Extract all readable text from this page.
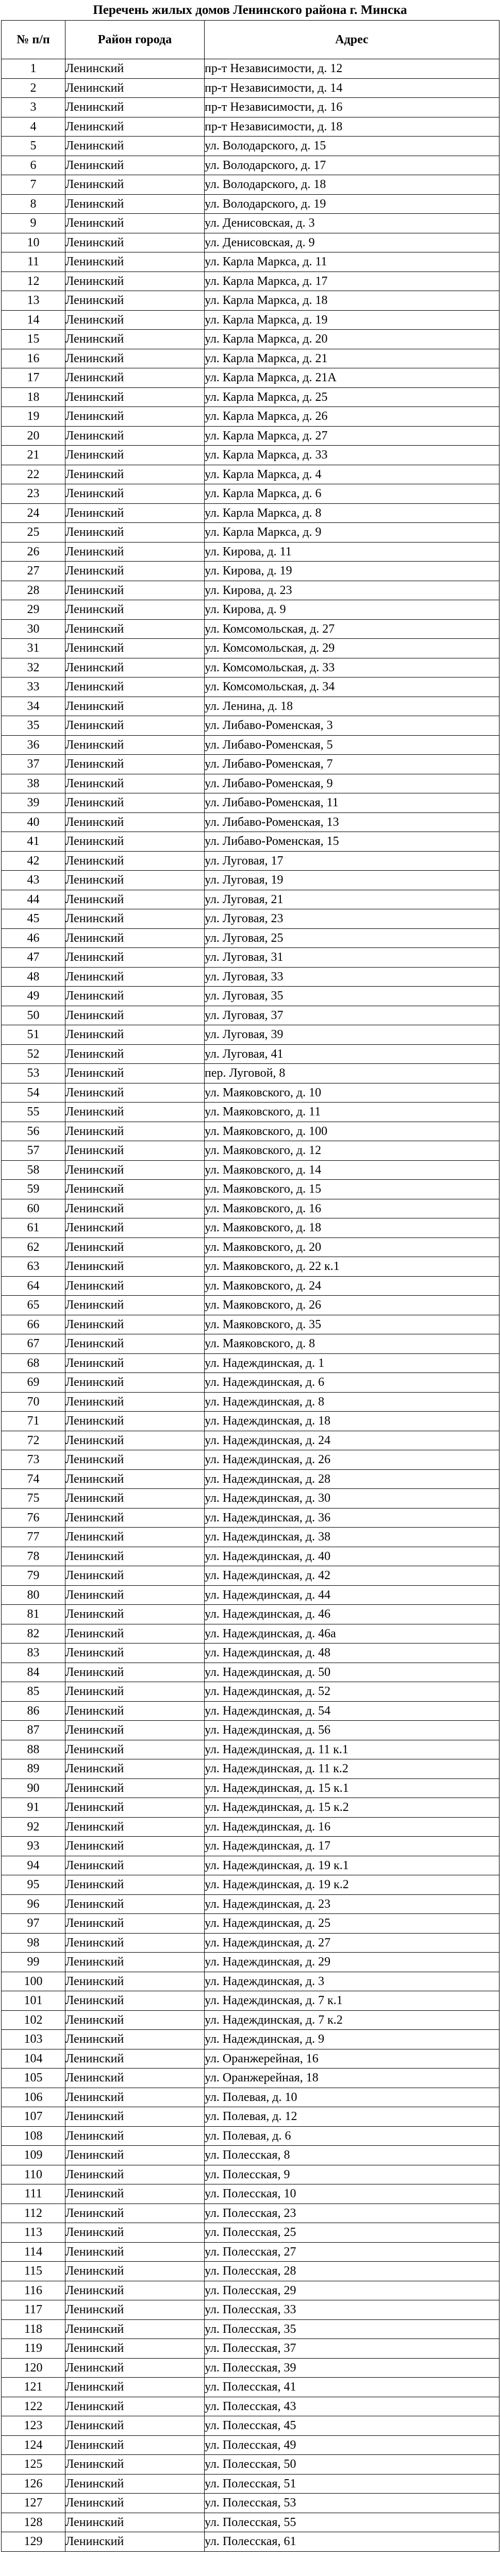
Перечень жилых домов Ленинского района г. Минска
№ п/п	Район города	Адрес
1	Ленинский	пр-т Независимости, д. 12
2	Ленинский	пр-т Независимости, д. 14
3	Ленинский	пр-т Независимости, д. 16
4	Ленинский	пр-т Независимости, д. 18
5	Ленинский	ул. Володарского, д. 15
6	Ленинский	ул. Володарского, д. 17
7	Ленинский	ул. Володарского, д. 18
8	Ленинский	ул. Володарского, д. 19
9	Ленинский	ул. Денисовская, д. 3
10	Ленинский	ул. Денисовская, д. 9
11	Ленинский	ул. Карла Маркса, д. 11
12	Ленинский	ул. Карла Маркса, д. 17
13	Ленинский	ул. Карла Маркса, д. 18
14	Ленинский	ул. Карла Маркса, д. 19
15	Ленинский	ул. Карла Маркса, д. 20
16	Ленинский	ул. Карла Маркса, д. 21
17	Ленинский	ул. Карла Маркса, д. 21А
18	Ленинский	ул. Карла Маркса, д. 25
19	Ленинский	ул. Карла Маркса, д. 26
20	Ленинский	ул. Карла Маркса, д. 27
21	Ленинский	ул. Карла Маркса, д. 33
22	Ленинский	ул. Карла Маркса, д. 4
23	Ленинский	ул. Карла Маркса, д. 6
24	Ленинский	ул. Карла Маркса, д. 8
25	Ленинский	ул. Карла Маркса, д. 9
26	Ленинский	ул. Кирова, д. 11
27	Ленинский	ул. Кирова, д. 19
28	Ленинский	ул. Кирова, д. 23
29	Ленинский	ул. Кирова, д. 9
30	Ленинский	ул. Комсомольская, д. 27
31	Ленинский	ул. Комсомольская, д. 29
32	Ленинский	ул. Комсомольская, д. 33
33	Ленинский	ул. Комсомольская, д. 34
34	Ленинский	ул. Ленина, д. 18
35	Ленинский	ул. Либаво-Роменская, 3
36	Ленинский	ул. Либаво-Роменская, 5
37	Ленинский	ул. Либаво-Роменская, 7
38	Ленинский	ул. Либаво-Роменская, 9
39	Ленинский	ул. Либаво-Роменская, 11
40	Ленинский	ул. Либаво-Роменская, 13
41	Ленинский	ул. Либаво-Роменская, 15
42	Ленинский	ул. Луговая, 17
43	Ленинский	ул. Луговая, 19
44	Ленинский	ул. Луговая, 21
45	Ленинский	ул. Луговая, 23
46	Ленинский	ул. Луговая, 25
47	Ленинский	ул. Луговая, 31
48	Ленинский	ул. Луговая, 33
49	Ленинский	ул. Луговая, 35
50	Ленинский	ул. Луговая, 37
51	Ленинский	ул. Луговая, 39
52	Ленинский	ул. Луговая, 41
53	Ленинский	пер. Луговой, 8
54	Ленинский	ул. Маяковского, д. 10
55	Ленинский	ул. Маяковского, д. 11
56	Ленинский	ул. Маяковского, д. 100
57	Ленинский	ул. Маяковского, д. 12
58	Ленинский	ул. Маяковского, д. 14
59	Ленинский	ул. Маяковского, д. 15
60	Ленинский	ул. Маяковского, д. 16
61	Ленинский	ул. Маяковского, д. 18
62	Ленинский	ул. Маяковского, д. 20
63	Ленинский	ул. Маяковского, д. 22 к.1
64	Ленинский	ул. Маяковского, д. 24
65	Ленинский	ул. Маяковского, д. 26
66	Ленинский	ул. Маяковского, д. 35
67	Ленинский	ул. Маяковского, д. 8
68	Ленинский	ул. Надеждинская, д. 1
69	Ленинский	ул. Надеждинская, д. 6
70	Ленинский	ул. Надеждинская, д. 8
71	Ленинский	ул. Надеждинская, д. 18
72	Ленинский	ул. Надеждинская, д. 24
73	Ленинский	ул. Надеждинская, д. 26
74	Ленинский	ул. Надеждинская, д. 28
75	Ленинский	ул. Надеждинская, д. 30
76	Ленинский	ул. Надеждинская, д. 36
77	Ленинский	ул. Надеждинская, д. 38
78	Ленинский	ул. Надеждинская, д. 40
79	Ленинский	ул. Надеждинская, д. 42
80	Ленинский	ул. Надеждинская, д. 44
81	Ленинский	ул. Надеждинская, д. 46
82	Ленинский	ул. Надеждинская, д. 46а
83	Ленинский	ул. Надеждинская, д. 48
84	Ленинский	ул. Надеждинская, д. 50
85	Ленинский	ул. Надеждинская, д. 52
86	Ленинский	ул. Надеждинская, д. 54
87	Ленинский	ул. Надеждинская, д. 56
88	Ленинский	ул. Надеждинская, д. 11 к.1
89	Ленинский	ул. Надеждинская, д. 11 к.2
90	Ленинский	ул. Надеждинская, д. 15 к.1
91	Ленинский	ул. Надеждинская, д. 15 к.2
92	Ленинский	ул. Надеждинская, д. 16
93	Ленинский	ул. Надеждинская, д. 17
94	Ленинский	ул. Надеждинская, д. 19 к.1
95	Ленинский	ул. Надеждинская, д. 19 к.2
96	Ленинский	ул. Надеждинская, д. 23
97	Ленинский	ул. Надеждинская, д. 25
98	Ленинский	ул. Надеждинская, д. 27
99	Ленинский	ул. Надеждинская, д. 29
100	Ленинский	ул. Надеждинская, д. 3
101	Ленинский	ул. Надеждинская, д. 7 к.1
102	Ленинский	ул. Надеждинская, д. 7 к.2
103	Ленинский	ул. Надеждинская, д. 9
104	Ленинский	ул. Оранжерейная, 16
105	Ленинский	ул. Оранжерейная, 18
106	Ленинский	ул. Полевая, д. 10
107	Ленинский	ул. Полевая, д. 12
108	Ленинский	ул. Полевая, д. 6
109	Ленинский	ул. Полесская, 8
110	Ленинский	ул. Полесская, 9
111	Ленинский	ул. Полесская, 10
112	Ленинский	ул. Полесская, 23
113	Ленинский	ул. Полесская, 25
114	Ленинский	ул. Полесская, 27
115	Ленинский	ул. Полесская, 28
116	Ленинский	ул. Полесская, 29
117	Ленинский	ул. Полесская, 33
118	Ленинский	ул. Полесская, 35
119	Ленинский	ул. Полесская, 37
120	Ленинский	ул. Полесская, 39
121	Ленинский	ул. Полесская, 41
122	Ленинский	ул. Полесская, 43
123	Ленинский	ул. Полесская, 45
124	Ленинский	ул. Полесская, 49
125	Ленинский	ул. Полесская, 50
126	Ленинский	ул. Полесская, 51
127	Ленинский	ул. Полесская, 53
128	Ленинский	ул. Полесская, 55
129	Ленинский	ул. Полесская, 61
